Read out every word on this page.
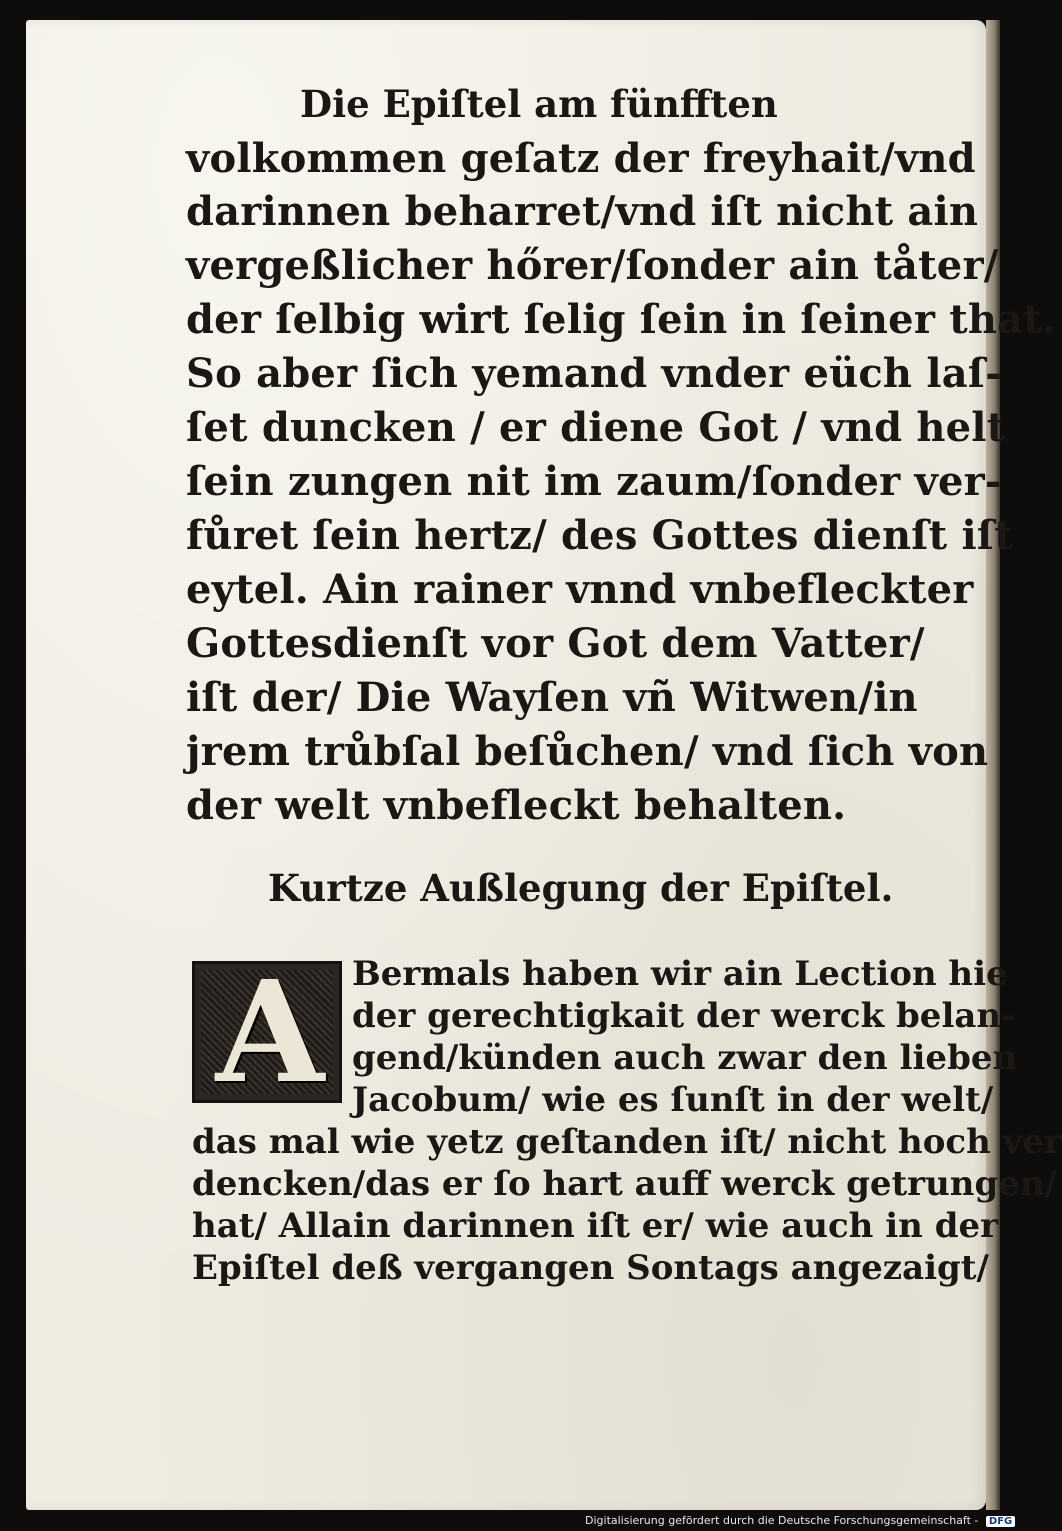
Die Epiſtel am fünfften
volkommen geſatz der freyhait/vnd
darinnen beharret/vnd iſt nicht ain
vergeßlicher hőrer/ſonder ain tåter/
der ſelbig wirt ſelig ſein in ſeiner that.
So aber ſich yemand vnder eüch laſ-
ſet duncken / er diene Got / vnd helt
ſein zungen nit im zaum/ſonder ver-
fůret ſein hertz/ des Gottes dienſt iſt
eytel. Ain rainer vnnd vnbefleckter
Gottesdienſt vor Got dem Vatter/
iſt der/ Die Wayſen vñ Witwen/in
jrem trůbſal beſůchen/ vnd ſich von
der welt vnbefleckt behalten.
Kurtze Außlegung der Epiſtel.
A Bermals haben wir ain Lection hie
der gerechtigkait der werck belan-
gend/künden auch zwar den lieben
Jacobum/ wie es ſunſt in der welt/
das mal wie yetz geſtanden iſt/ nicht hoch ver
dencken/das er ſo hart auff werck getrungen/
hat/ Allain darinnen iſt er/ wie auch in der
Epiſtel deß vergangen Sontags angezaigt/
Digitalisierung gefördert durch die Deutsche Forschungsgemeinschaft - DFG
